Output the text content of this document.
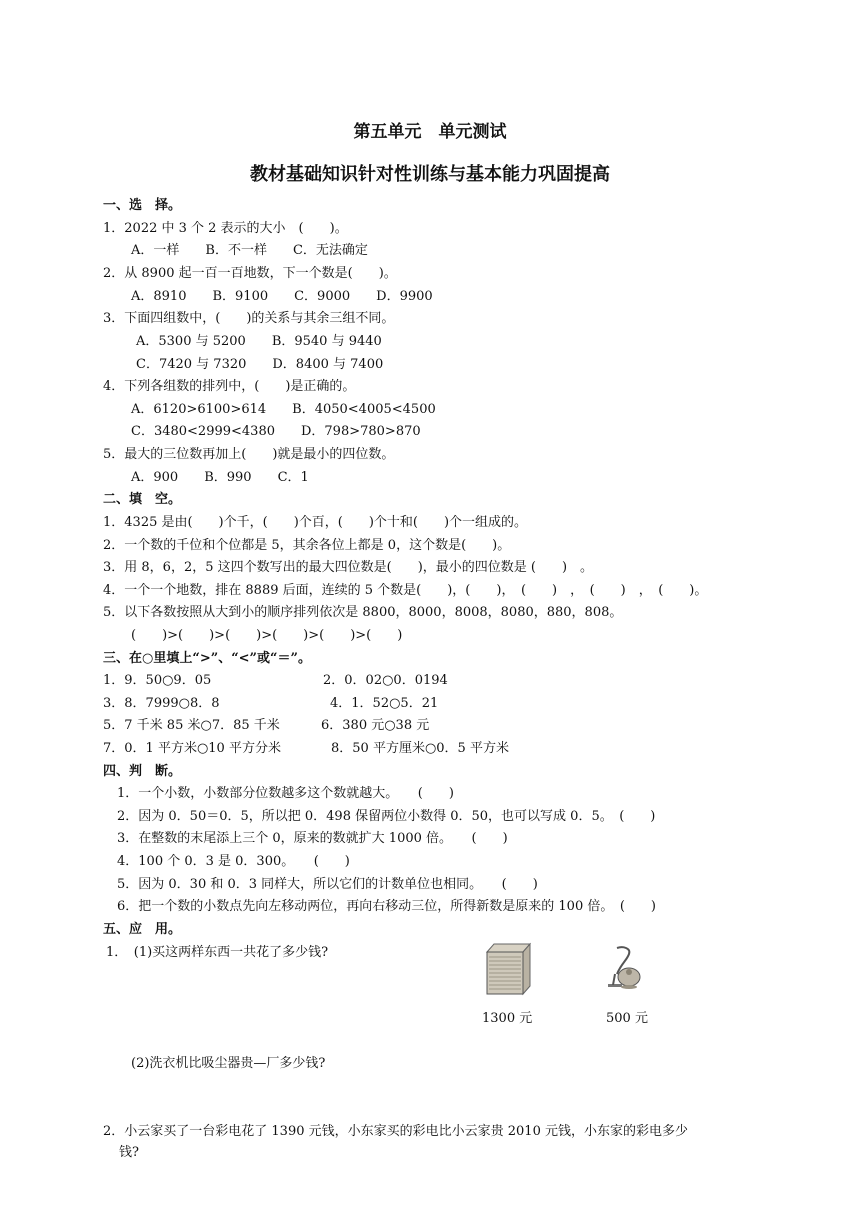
第五单元　单元测试
教材基础知识针对性训练与基本能力巩固提高
一、选　择。
1．2022 中 3 个 2 表示的大小　(　　)。
A．一样　　B．不一样　　C．无法确定
2．从 8900 起一百一百地数，下一个数是(　　)。
A．8910　　B．9100　　C．9000　　D．9900
3．下面四组数中，(　　)的关系与其余三组不同。
A．5300 与 5200　　B．9540 与 9440
C．7420 与 7320　　D．8400 与 7400
4．下列各组数的排列中，(　　)是正确的。
A．6120>6100>614　　B．4050<4005<4500
C．3480<2999<4380　　D．798>780>870
5．最大的三位数再加上(　　)就是最小的四位数。
A．900　　B．990　　C．1
二、填　空。
1．4325 是由(　　)个千，(　　)个百，(　　)个十和(　　)个一组成的。
2．一个数的千位和个位都是 5，其余各位上都是 0，这个数是(　　)。
3．用 8，6，2，5 这四个数写出的最大四位数是(　　)，最小的四位数是 (　　)　。
4．一个一个地数，排在 8889 后面，连续的 5 个数是(　　)，(　　)，　(　　)　，　(　　)　，　(　　)。
5．以下各数按照从大到小的顺序排列依次是 8800，8000，8008，8080，880，808。
(　　)>(　　)>(　　)>(　　)>(　　)>(　　)
三、在○里填上“>”、“<”或“＝”。
1．9．50○9．05	2．0．02○0．0194
3．8．7999○8．8	4．1．52○5．21
5．7 千米 85 米○7．85 千米	6．380 元○38 元
7．0．1 平方米○10 平方分米	8．50 平方厘米○0．5 平方米
四、判　断。
1．一个小数，小数部分位数越多这个数就越大。　　(　　)
2．因为 0．50＝0．5，所以把 0．498 保留两位小数得 0．50，也可以写成 0．5。　(　　)
3．在整数的末尾添上三个 0，原来的数就扩大 1000 倍。　　(　　)
4．100 个 0．3 是 0．300。　　(　　)
5．因为 0．30 和 0．3 同样大，所以它们的计数单位也相同。　　(　　)
6．把一个数的小数点先向左移动两位，再向右移动三位，所得新数是原来的 100 倍。　(　　)
五、应　用。
1．　(1)买这两样东西一共花了多少钱?
1300 元	500 元
(2)洗衣机比吸尘器贵—厂多少钱?
2．小云家买了一台彩电花了 1390 元钱，小东家买的彩电比小云家贵 2010 元钱，小东家的彩电多少
钱?
